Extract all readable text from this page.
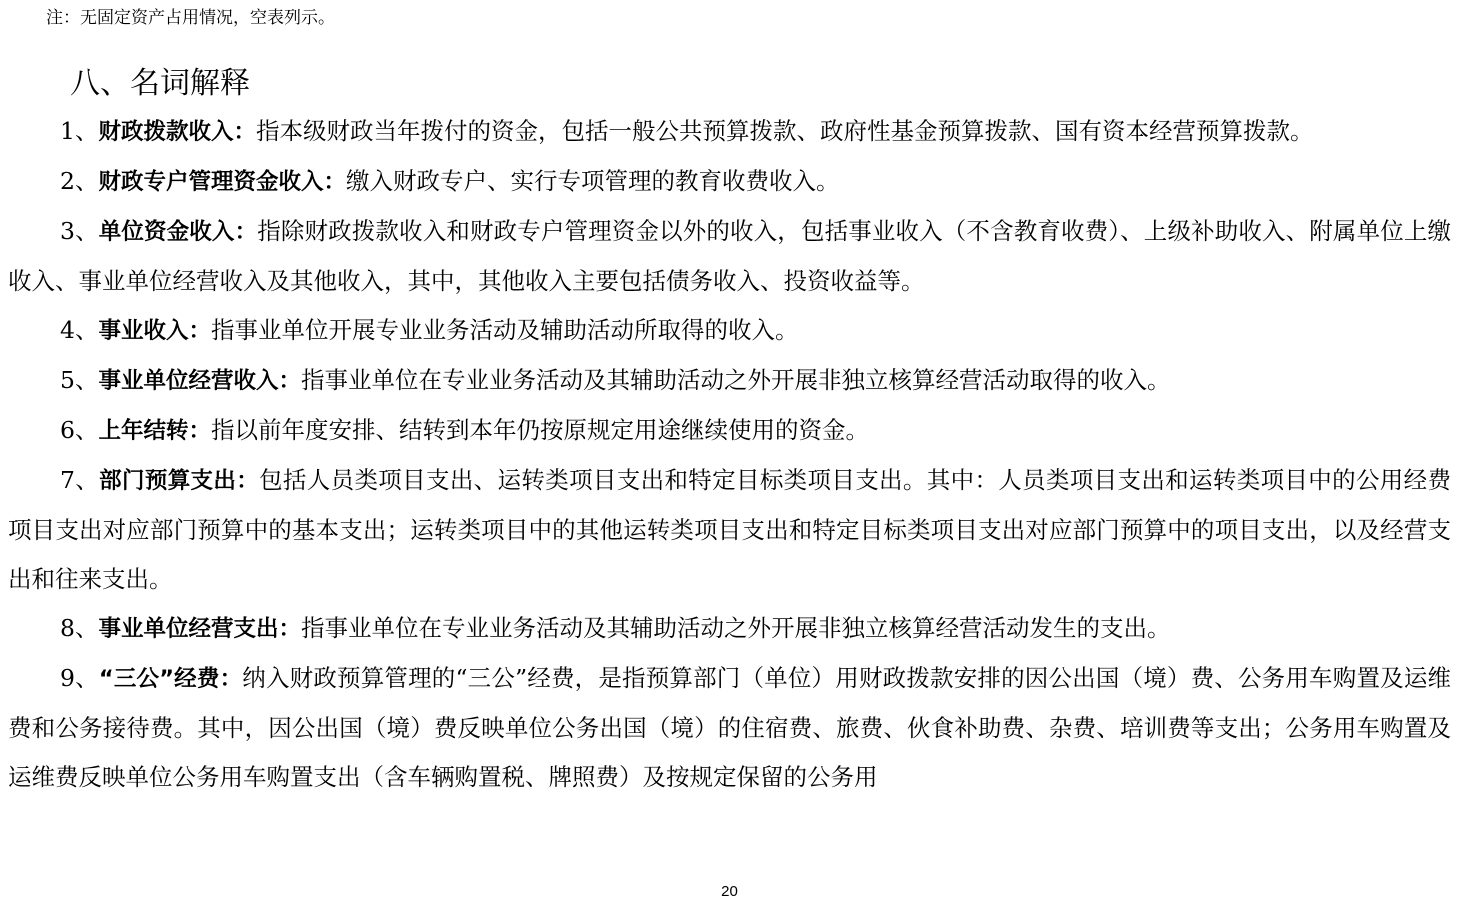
注：无固定资产占用情况，空表列示。
八、名词解释

1、财政拨款收入：指本级财政当年拨付的资金，包括一般公共预算拨款、政府性基金预算拨款、国有资本经营预算拨款。

2、财政专户管理资金收入：缴入财政专户、实行专项管理的教育收费收入。

3、单位资金收入：指除财政拨款收入和财政专户管理资金以外的收入，包括事业收入（不含教育收费）、上级补助收入、附属单位上缴收入、事业单位经营收入及其他收入，其中，其他收入主要包括债务收入、投资收益等。

4、事业收入：指事业单位开展专业业务活动及辅助活动所取得的收入。

5、事业单位经营收入：指事业单位在专业业务活动及其辅助活动之外开展非独立核算经营活动取得的收入。

6、上年结转：指以前年度安排、结转到本年仍按原规定用途继续使用的资金。

7、部门预算支出：包括人员类项目支出、运转类项目支出和特定目标类项目支出。其中：人员类项目支出和运转类项目中的公用经费项目支出对应部门预算中的基本支出；运转类项目中的其他运转类项目支出和特定目标类项目支出对应部门预算中的项目支出，以及经营支出和往来支出。

8、事业单位经营支出：指事业单位在专业业务活动及其辅助活动之外开展非独立核算经营活动发生的支出。

9、“三公”经费：纳入财政预算管理的“三公”经费，是指预算部门（单位）用财政拨款安排的因公出国（境）费、公务用车购置及运维费和公务接待费。其中，因公出国（境）费反映单位公务出国（境）的住宿费、旅费、伙食补助费、杂费、培训费等支出；公务用车购置及运维费反映单位公务用车购置支出（含车辆购置税、牌照费）及按规定保留的公务用

20
